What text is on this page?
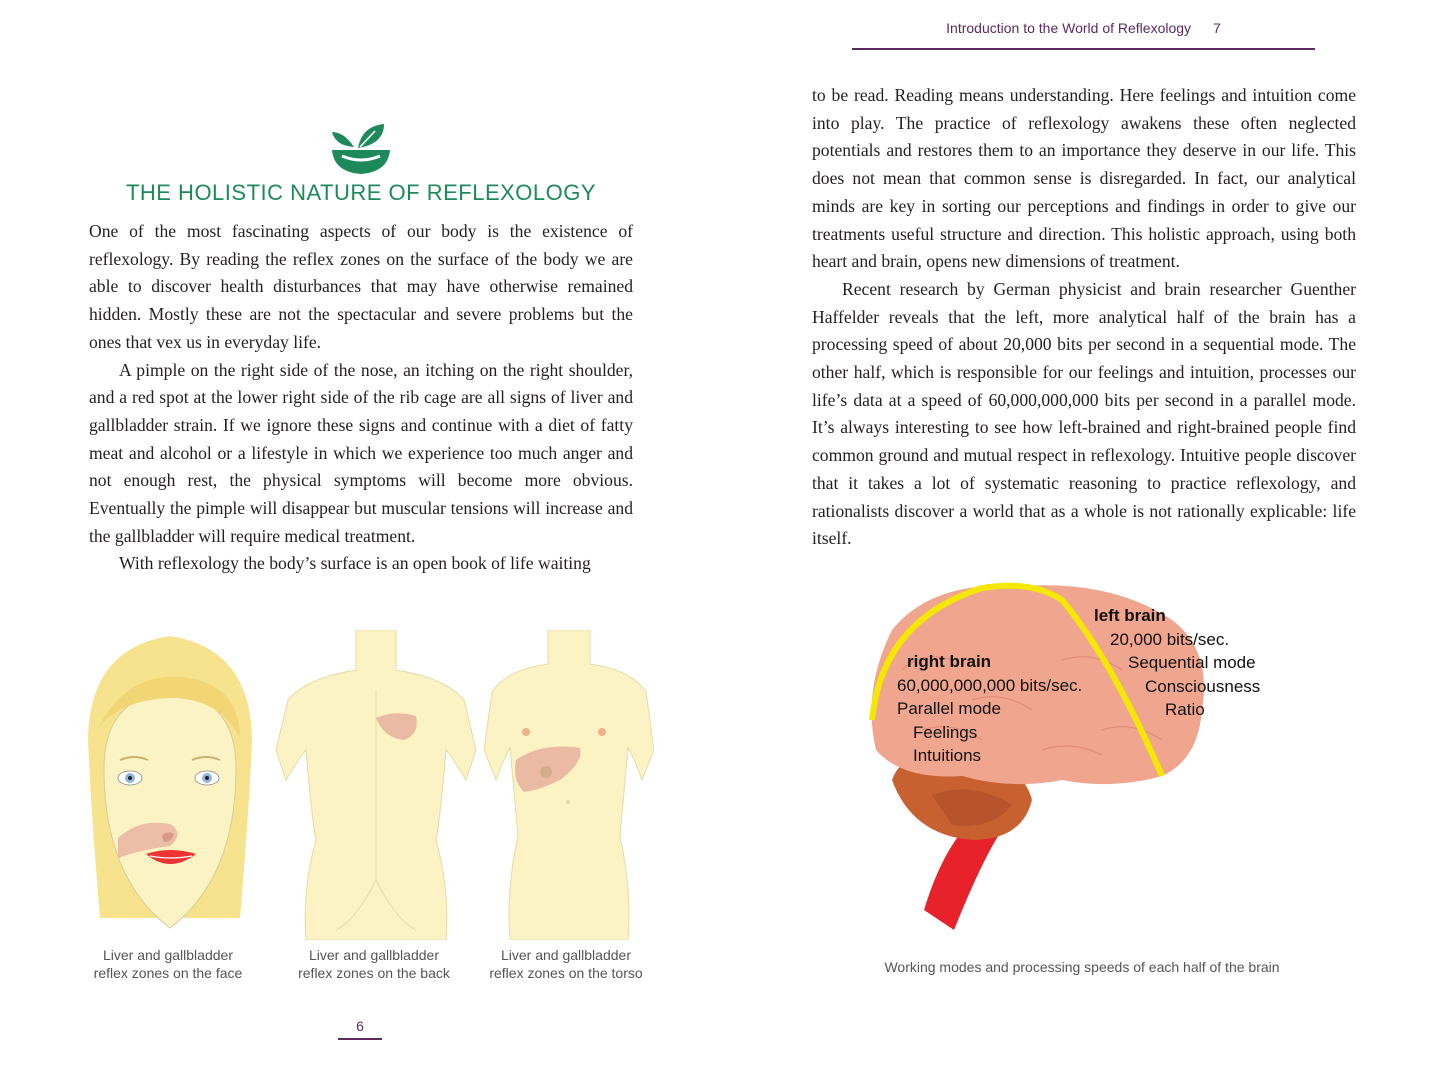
THE HOLISTIC NATURE OF REFLEXOLOGY

One of the most fascinating aspects of our body is the existence of reflexology. By reading the reflex zones on the surface of the body we are able to discover health disturbances that may have otherwise remained hidden. Mostly these are not the spectacular and severe problems but the ones that vex us in everyday life.

A pimple on the right side of the nose, an itching on the right shoulder, and a red spot at the lower right side of the rib cage are all signs of liver and gallbladder strain. If we ignore these signs and continue with a diet of fatty meat and alcohol or a lifestyle in which we experience too much anger and not enough rest, the physical symptoms will become more obvious. Eventually the pimple will disappear but muscular tensions will increase and the gallbladder will require medical treatment.

With reflexology the body’s surface is an open book of life waiting

Liver and gallbladder
reflex zones on the face
Liver and gallbladder
reflex zones on the back
Liver and gallbladder
reflex zones on the torso
6
Introduction to the World of Reflexology 7

to be read. Reading means understanding. Here feelings and intuition come into play. The practice of reflexology awakens these often neglected potentials and restores them to an importance they deserve in our life. This does not mean that common sense is disregarded. In fact, our analytical minds are key in sorting our perceptions and findings in order to give our treatments useful structure and direction. This holistic approach, using both heart and brain, opens new dimensions of treatment.

Recent research by German physicist and brain researcher Guenther Haffelder reveals that the left, more analytical half of the brain has a processing speed of about 20,000 bits per second in a sequential mode. The other half, which is responsible for our feelings and intuition, processes our life’s data at a speed of 60,000,000,000 bits per second in a parallel mode. It’s always interesting to see how left-brained and right-brained people find common ground and mutual respect in reflexology. Intuitive people discover that it takes a lot of systematic reasoning to practice reflexology, and rationalists discover a world that as a whole is not rationally explicable: life itself.

left brain
20,000 bits/sec.
Sequential mode
Consciousness
Ratio
right brain
60,000,000,000 bits/sec.
Parallel mode
Feelings
Intuitions
Working modes and processing speeds of each half of the brain
